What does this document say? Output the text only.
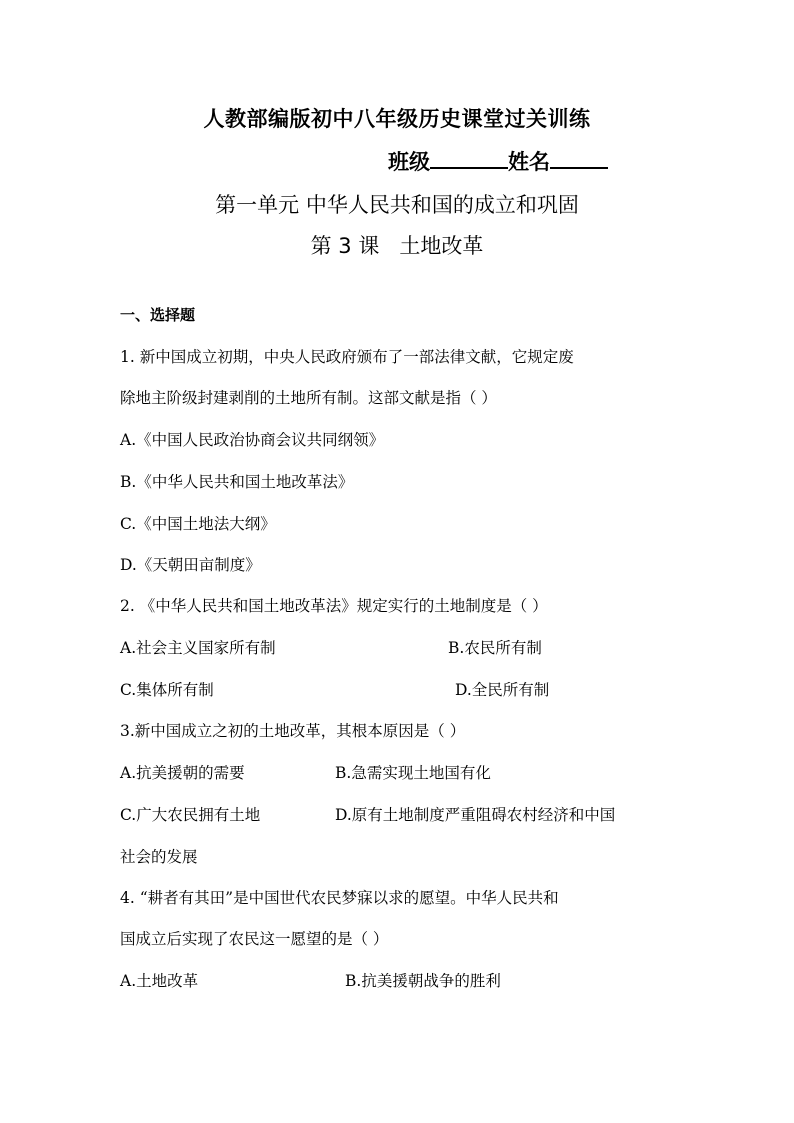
人教部编版初中八年级历史课堂过关训练
班级	姓名
第一单元 中华人民共和国的成立和巩固
第 3 课   土地改革
一、选择题
1. 新中国成立初期，中央人民政府颁布了一部法律文献，它规定废
除地主阶级封建剥削的土地所有制。这部文献是指（ ）
A.《中国人民政治协商会议共同纲领》
B.《中华人民共和国土地改革法》
C.《中国土地法大纲》
D.《天朝田亩制度》
2. 《中华人民共和国土地改革法》规定实行的土地制度是（ ）
A.社会主义国家所有制	B.农民所有制
C.集体所有制	D.全民所有制
3.新中国成立之初的土地改革，其根本原因是（ ）
A.抗美援朝的需要	B.急需实现土地国有化
C.广大农民拥有土地	D.原有土地制度严重阻碍农村经济和中国
社会的发展
4. “耕者有其田”是中国世代农民梦寐以求的愿望。中华人民共和
国成立后实现了农民这一愿望的是（ ）
A.土地改革	B.抗美援朝战争的胜利
